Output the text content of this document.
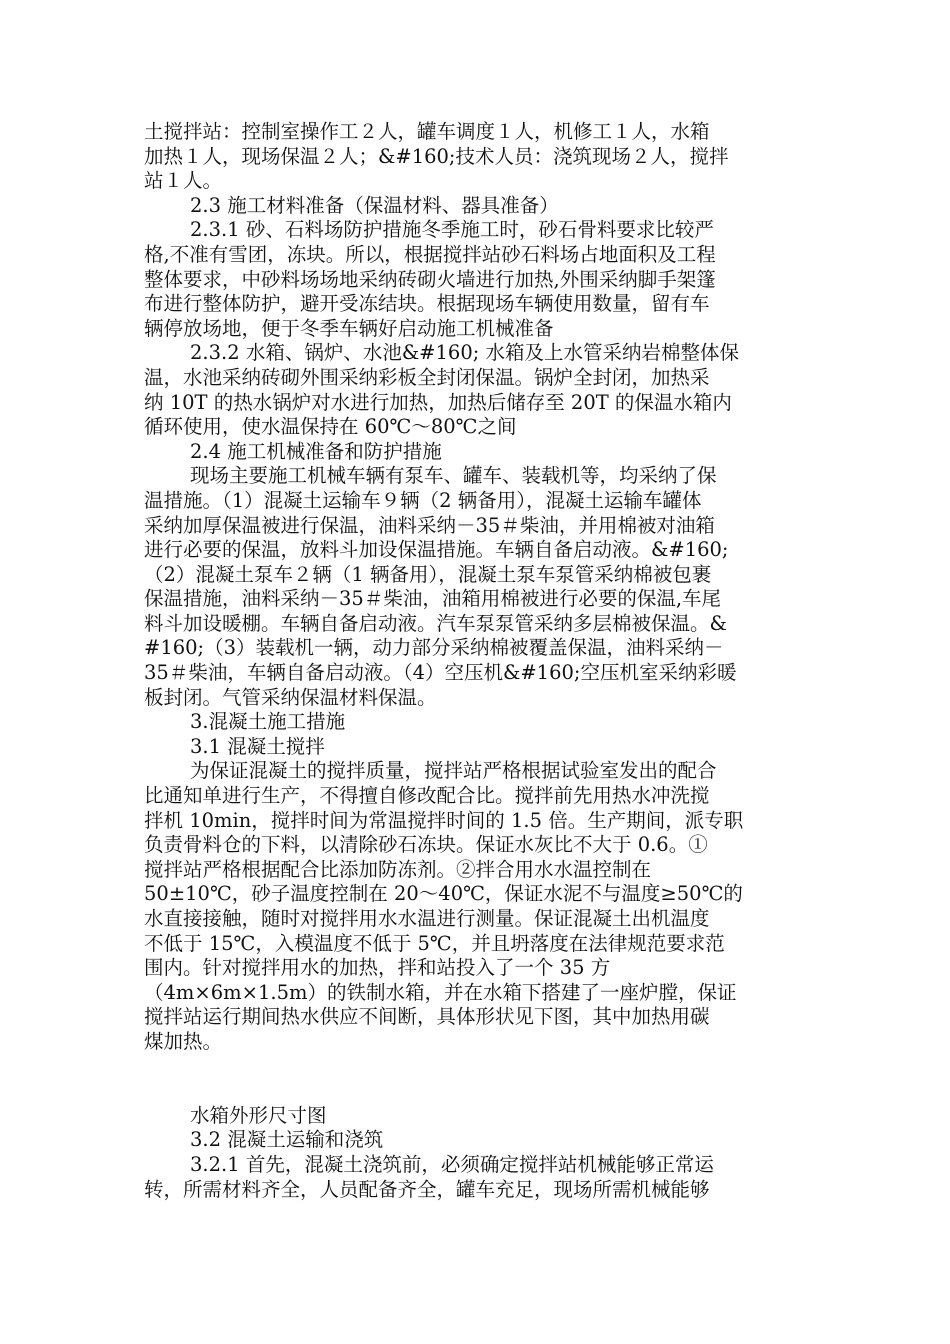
土搅拌站：控制室操作工２人，罐车调度１人，机修工１人，水箱
加热１人，现场保温２人；&#160;技术人员：浇筑现场２人，搅拌
站１人。
2.3 施工材料准备（保温材料、器具准备）
2.3.1 砂、石料场防护措施冬季施工时，砂石骨料要求比较严
格,不准有雪团，冻块。所以，根据搅拌站砂石料场占地面积及工程
整体要求，中砂料场场地采纳砖砌火墙进行加热,外围采纳脚手架篷
布进行整体防护，避开受冻结块。根据现场车辆使用数量，留有车
辆停放场地，便于冬季车辆好启动施工机械准备
2.3.2 水箱、锅炉、水池&#160; 水箱及上水管采纳岩棉整体保
温，水池采纳砖砌外围采纳彩板全封闭保温。锅炉全封闭，加热采
纳 10T 的热水锅炉对水进行加热，加热后储存至 20T 的保温水箱内
循环使用，使水温保持在 60℃～80℃之间
2.4 施工机械准备和防护措施
现场主要施工机械车辆有泵车、罐车、装载机等，均采纳了保
温措施。（1）混凝土运输车９辆（2 辆备用），混凝土运输车罐体
采纳加厚保温被进行保温，油料采纳－35＃柴油，并用棉被对油箱
进行必要的保温，放料斗加设保温措施。车辆自备启动液。&#160;
（2）混凝土泵车２辆（1 辆备用），混凝土泵车泵管采纳棉被包裹
保温措施，油料采纳－35＃柴油，油箱用棉被进行必要的保温,车尾
料斗加设暖棚。车辆自备启动液。汽车泵泵管采纳多层棉被保温。&
#160;（3）装载机一辆，动力部分采纳棉被覆盖保温，油料采纳－
35＃柴油，车辆自备启动液。（4）空压机&#160;空压机室采纳彩暖
板封闭。气管采纳保温材料保温。
3.混凝土施工措施
3.1 混凝土搅拌
为保证混凝土的搅拌质量，搅拌站严格根据试验室发出的配合
比通知单进行生产，不得擅自修改配合比。搅拌前先用热水冲洗搅
拌机 10min，搅拌时间为常温搅拌时间的 1.5 倍。生产期间，派专职
负责骨料仓的下料，以清除砂石冻块。保证水灰比不大于 0.6。①
搅拌站严格根据配合比添加防冻剂。②拌合用水水温控制在
50±10℃，砂子温度控制在 20～40℃，保证水泥不与温度≥50℃的
水直接接触，随时对搅拌用水水温进行测量。保证混凝土出机温度
不低于 15℃，入模温度不低于 5℃，并且坍落度在法律规范要求范
围内。针对搅拌用水的加热，拌和站投入了一个 35 方
（4m×6m×1.5m）的铁制水箱，并在水箱下搭建了一座炉膛，保证
搅拌站运行期间热水供应不间断，具体形状见下图，其中加热用碳
煤加热。
水箱外形尺寸图
3.2 混凝土运输和浇筑
3.2.1 首先，混凝土浇筑前，必须确定搅拌站机械能够正常运
转，所需材料齐全，人员配备齐全，罐车充足，现场所需机械能够
